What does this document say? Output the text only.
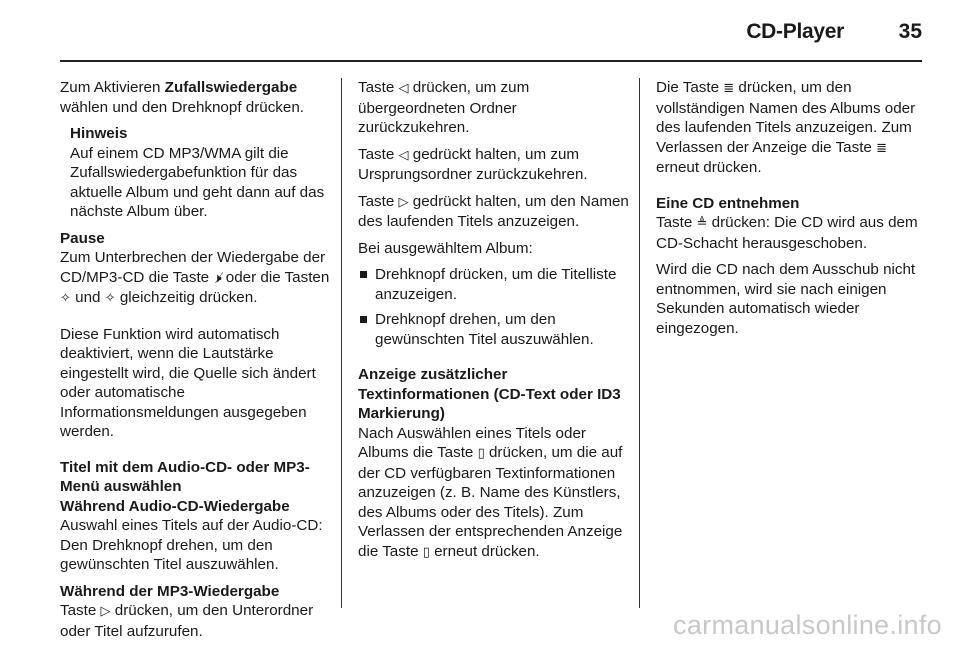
CD-Player	35

Zum Aktivieren Zufallswiedergabe wählen und den Drehknopf drücken.

Hinweis
Auf einem CD MP3/WMA gilt die Zufallswiedergabefunktion für das aktuelle Album und geht dann auf das nächste Album über.
Pause

Zum Unterbrechen der Wiedergabe der CD/MP3-CD die Taste 🕨̸ oder die Tasten ✧ und ✧ gleichzeitig drücken.

Diese Funktion wird automatisch deaktiviert, wenn die Lautstärke eingestellt wird, die Quelle sich ändert oder automatische Informationsmeldungen ausgegeben werden.

Titel mit dem Audio-CD- oder MP3-Menü auswählen
Während Audio-CD-Wiedergabe

Auswahl eines Titels auf der Audio-CD: Den Drehknopf drehen, um den gewünschten Titel auszuwählen.

Während der MP3-Wiedergabe

Taste ▷ drücken, um den Unterordner oder Titel aufzurufen.

Taste ◁ drücken, um zum übergeordneten Ordner zurückzukehren.

Taste ◁ gedrückt halten, um zum Ursprungsordner zurückzukehren.

Taste ▷ gedrückt halten, um den Namen des laufenden Titels anzuzeigen.

Bei ausgewähltem Album:

Drehknopf drücken, um die Titelliste anzuzeigen.
Drehknopf drehen, um den gewünschten Titel auszuwählen.
Anzeige zusätzlicher Textinformationen (CD-Text oder ID3 Markierung)

Nach Auswählen eines Titels oder Albums die Taste ▯ drücken, um die auf der CD verfügbaren Textinformationen anzuzeigen (z. B. Name des Künstlers, des Albums oder des Titels). Zum Verlassen der entsprechenden Anzeige die Taste ▯ erneut drücken.

Die Taste ≣ drücken, um den vollständigen Namen des Albums oder des laufenden Titels anzuzeigen. Zum Verlassen der Anzeige die Taste ≣ erneut drücken.

Eine CD entnehmen

Taste ≜ drücken: Die CD wird aus dem CD-Schacht herausgeschoben.

Wird die CD nach dem Ausschub nicht entnommen, wird sie nach einigen Sekunden automatisch wieder eingezogen.

carmanualsonline.info
